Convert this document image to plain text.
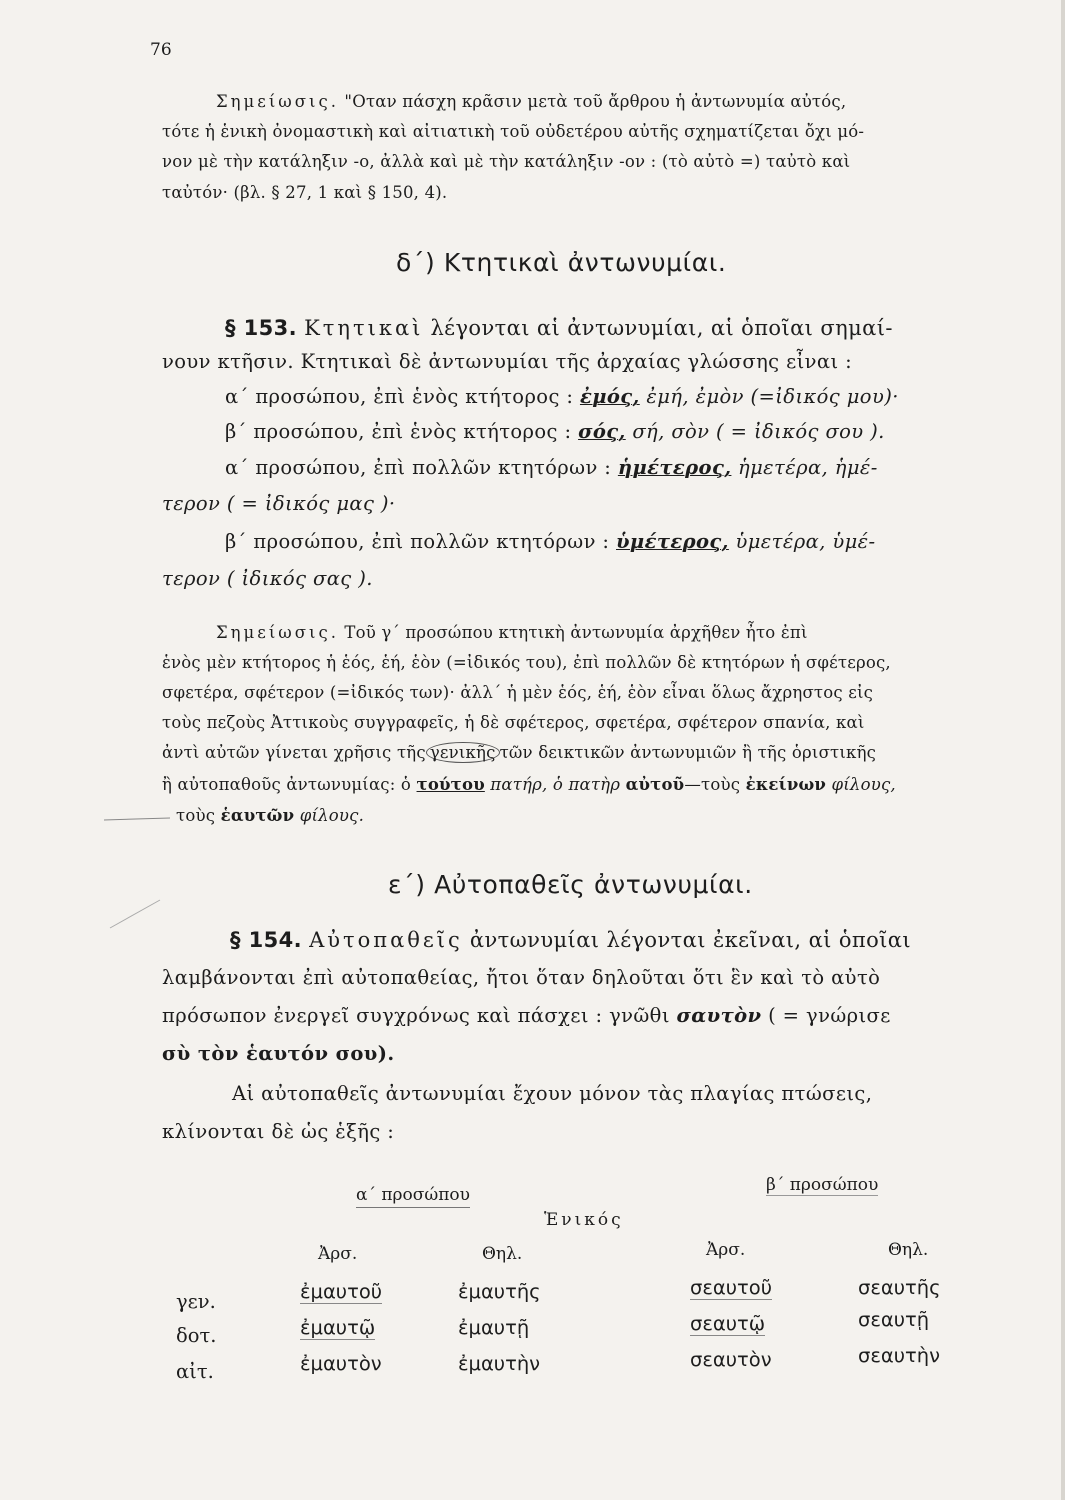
76
Σημείωσις. "Οταν πάσχη κρᾶσιν μετὰ τοῦ ἄρθρου ἡ ἀντωνυμία αὐτός,
τότε ἡ ἑνικὴ ὀνομαστικὴ καὶ αἰτιατικὴ τοῦ οὐδετέρου αὐτῆς σχηματίζεται ὄχι μό-
νον μὲ τὴν κατάληξιν -ο, ἀλλὰ καὶ μὲ τὴν κατάληξιν -ον : (τὸ αὐτὸ =) ταὐτὸ καὶ
ταὐτόν· (βλ. § 27, 1 καὶ § 150, 4).
δ΄) Κτητικαὶ ἀντωνυμίαι.
§ 153. Κτητικαὶ λέγονται αἱ ἀντωνυμίαι, αἱ ὁποῖαι σημαί-
νουν κτῆσιν. Κτητικαὶ δὲ ἀντωνυμίαι τῆς ἀρχαίας γλώσσης εἶναι :
α΄ προσώπου, ἐπὶ ἑνὸς κτήτορος : ἐμός, ἐμή, ἐμὸν (=ἰδικός μου)·
β΄ προσώπου, ἐπὶ ἑνὸς κτήτορος : σός, σή, σὸν ( = ἰδικός σου ).
α΄ προσώπου, ἐπὶ πολλῶν κτητόρων : ἡμέτερος, ἡμετέρα, ἡμέ-
τερον ( = ἰδικός μας )·
β΄ προσώπου, ἐπὶ πολλῶν κτητόρων : ὑμέτερος, ὑμετέρα, ὑμέ-
τερον ( ἰδικός σας ).
Σημείωσις. Τοῦ γ΄ προσώπου κτητικὴ ἀντωνυμία ἀρχῆθεν ἦτο ἐπὶ
ἑνὸς μὲν κτήτορος ἡ ἑός, ἑή, ἑὸν (=ἰδικός του), ἐπὶ πολλῶν δὲ κτητόρων ἡ σφέτερος,
σφετέρα, σφέτερον (=ἰδικός των)· ἀλλ΄ ἡ μὲν ἑός, ἑή, ἑὸν εἶναι ὅλως ἄχρηστος εἰς
τοὺς πεζοὺς Ἀττικοὺς συγγραφεῖς, ἡ δὲ σφέτερος, σφετέρα, σφέτερον σπανία, καὶ
ἀντὶ αὐτῶν γίνεται χρῆσις τῆς γενικῆς τῶν δεικτικῶν ἀντωνυμιῶν ἢ τῆς ὁριστικῆς
ἢ αὐτοπαθοῦς ἀντωνυμίας: ὁ τούτου πατήρ, ὁ πατὴρ αὐτοῦ—τοὺς ἐκείνων φίλους,
τοὺς ἑαυτῶν φίλους.
ε΄) Αὐτοπαθεῖς ἀντωνυμίαι.
§ 154. Αὐτοπαθεῖς ἀντωνυμίαι λέγονται ἐκεῖναι, αἱ ὁποῖαι
λαμβάνονται ἐπὶ αὐτοπαθείας, ἤτοι ὅταν δηλοῦται ὅτι ἓν καὶ τὸ αὐτὸ
πρόσωπον ἐνεργεῖ συγχρόνως καὶ πάσχει : γνῶθι σαυτὸν ( = γνώρισε
σὺ τὸν ἑαυτόν σου).
Αἱ αὐτοπαθεῖς ἀντωνυμίαι ἔχουν μόνον τὰς πλαγίας πτώσεις,
κλίνονται δὲ ὡς ἑξῆς :
α΄ προσώπου	β΄ προσώπου
Ἑνικός
Ἀρσ.	Θηλ.	Ἀρσ.	Θηλ.
γεν.	ἐμαυτοῦ	ἐμαυτῆς	σεαυτοῦ	σεαυτῆς
δοτ.	ἐμαυτῷ	ἐμαυτῇ	σεαυτῷ	σεαυτῇ
αἰτ.	ἐμαυτὸν	ἐμαυτὴν	σεαυτὸν	σεαυτὴν
